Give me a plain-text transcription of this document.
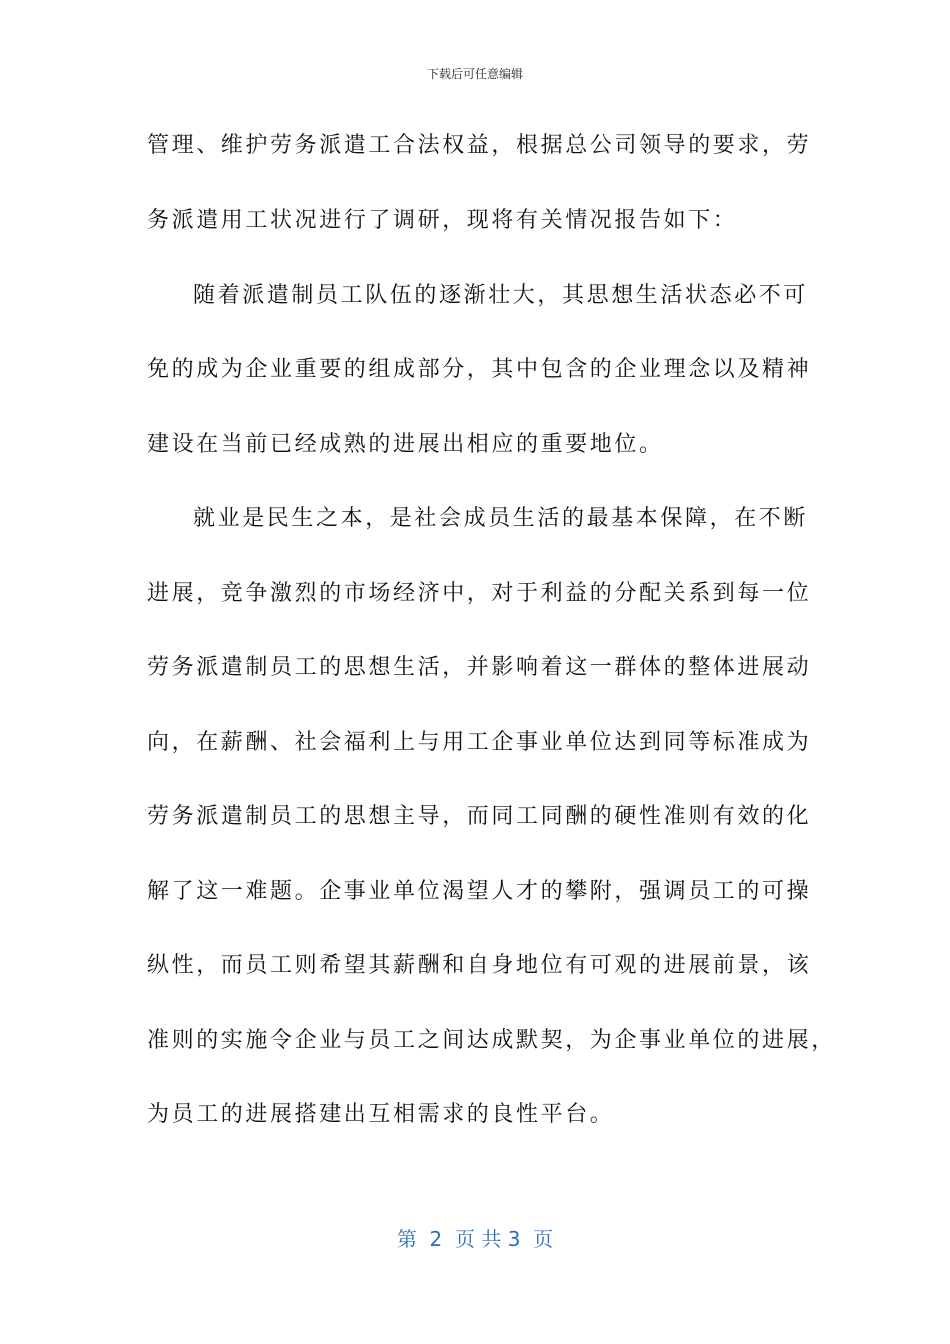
下载后可任意编辑
管理、维护劳务派遣工合法权益，根据总公司领导的要求，劳
务派遣用工状况进行了调研，现将有关情况报告如下：
随着派遣制员工队伍的逐渐壮大，其思想生活状态必不可
免的成为企业重要的组成部分，其中包含的企业理念以及精神
建设在当前已经成熟的进展出相应的重要地位。
就业是民生之本，是社会成员生活的最基本保障，在不断
进展，竞争激烈的市场经济中，对于利益的分配关系到每一位
劳务派遣制员工的思想生活，并影响着这一群体的整体进展动
向，在薪酬、社会福利上与用工企事业单位达到同等标准成为
劳务派遣制员工的思想主导，而同工同酬的硬性准则有效的化
解了这一难题。企事业单位渴望人才的攀附，强调员工的可操
纵性，而员工则希望其薪酬和自身地位有可观的进展前景，该
准则的实施令企业与员工之间达成默契，为企事业单位的进展，
为员工的进展搭建出互相需求的良性平台。
第  2  页 共 3  页
